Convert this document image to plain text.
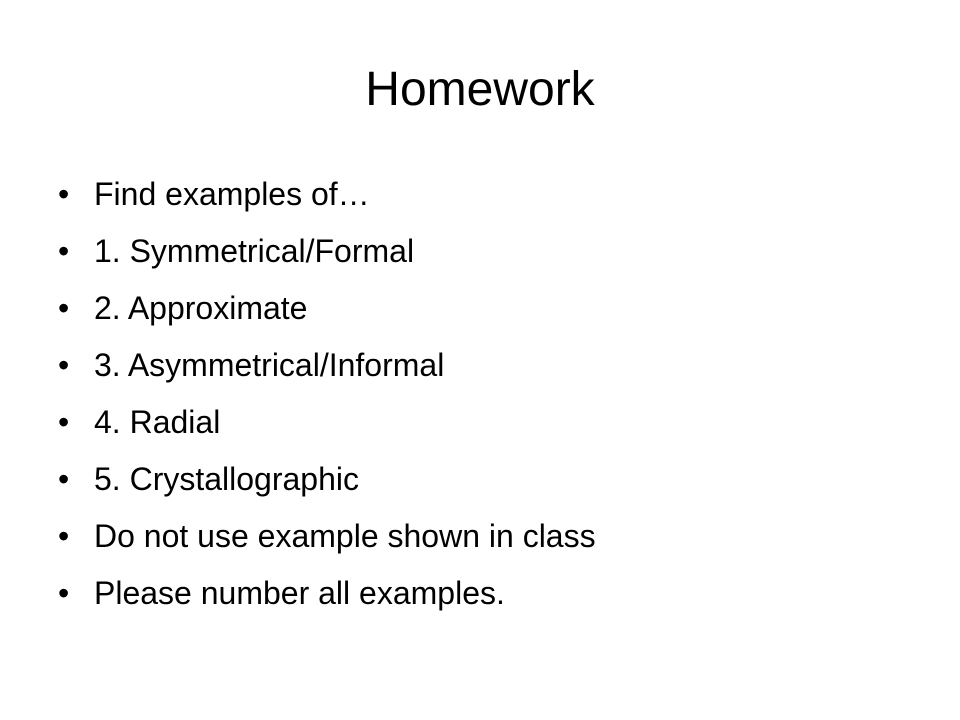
Homework
• Find examples of…
• 1. Symmetrical/Formal
• 2. Approximate
• 3. Asymmetrical/Informal
• 4. Radial
• 5. Crystallographic
• Do not use example shown in class
• Please number all examples.
